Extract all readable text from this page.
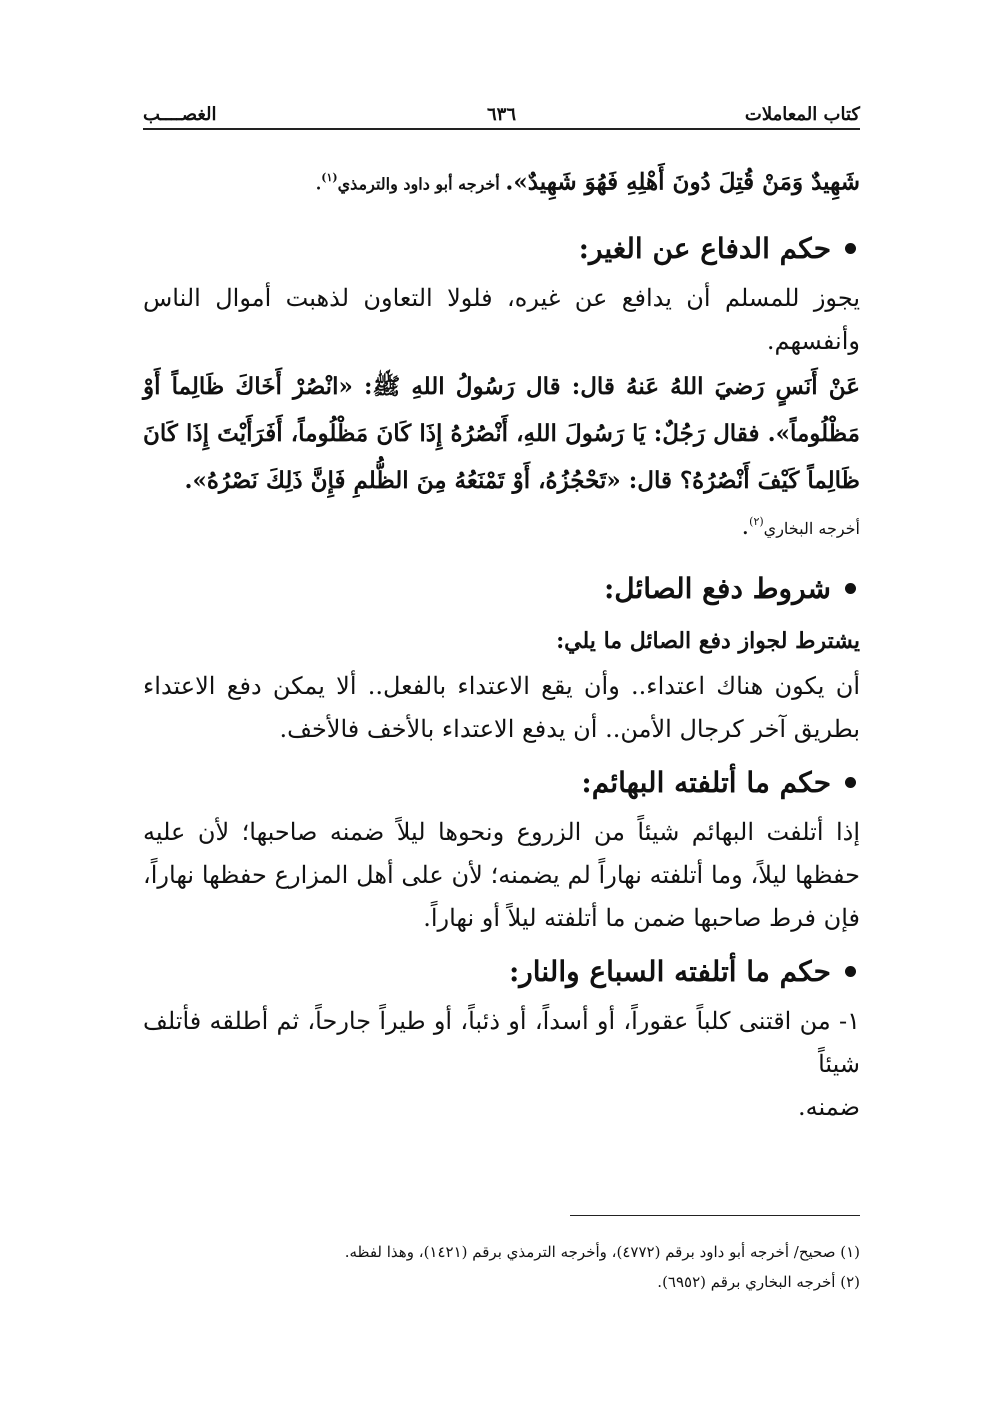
كتاب المعاملات
٦٣٦
الغصــــب

شَهِيدٌ وَمَنْ قُتِلَ دُونَ أَهْلِهِ فَهُوَ شَهِيدٌ». أخرجه أبو داود والترمذي$^{(١)}$.

حكم الدفاع عن الغير:

يجوز للمسلم أن يدافع عن غيره، فلولا التعاون لذهبت أموال الناس

وأنفسهم.

عَنْ أَنَسٍ رَضيَ اللهُ عَنهُ قال: قال رَسُولُ اللهِ ﷺ: «انْصُرْ أَخَاكَ ظَالِماً أَوْ

مَظْلُوماً». فقال رَجُلٌ: يَا رَسُولَ اللهِ، أَنْصُرُهُ إِذَا كَانَ مَظْلُوماً، أَفَرَأَيْتَ إِذَا كَانَ

ظَالِماً كَيْفَ أَنْصُرُهُ؟ قال: «تَحْجُزُهُ، أَوْ تَمْنَعُهُ مِنَ الظُّلمِ فَإِنَّ ذَلِكَ نَصْرُهُ».

أخرجه البخاري$^{(٢)}$.

شروط دفع الصائل:

يشترط لجواز دفع الصائل ما يلي:

أن يكون هناك اعتداء.. وأن يقع الاعتداء بالفعل.. ألا يمكن دفع الاعتداء

بطريق آخر كرجال الأمن.. أن يدفع الاعتداء بالأخف فالأخف.

حكم ما أتلفته البهائم:

إذا أتلفت البهائم شيئاً من الزروع ونحوها ليلاً ضمنه صاحبها؛ لأن عليه

حفظها ليلاً، وما أتلفته نهاراً لم يضمنه؛ لأن على أهل المزارع حفظها نهاراً،

فإن فرط صاحبها ضمن ما أتلفته ليلاً أو نهاراً.

حكم ما أتلفته السباع والنار:

١- من اقتنى كلباً عقوراً، أو أسداً، أو ذئباً، أو طيراً جارحاً، ثم أطلقه فأتلف شيئاً

ضمنه.

(١) صحيح/ أخرجه أبو داود برقم (٤٧٧٢)، وأخرجه الترمذي برقم (١٤٢١)، وهذا لفظه.

(٢) أخرجه البخاري برقم (٦٩٥٢).
